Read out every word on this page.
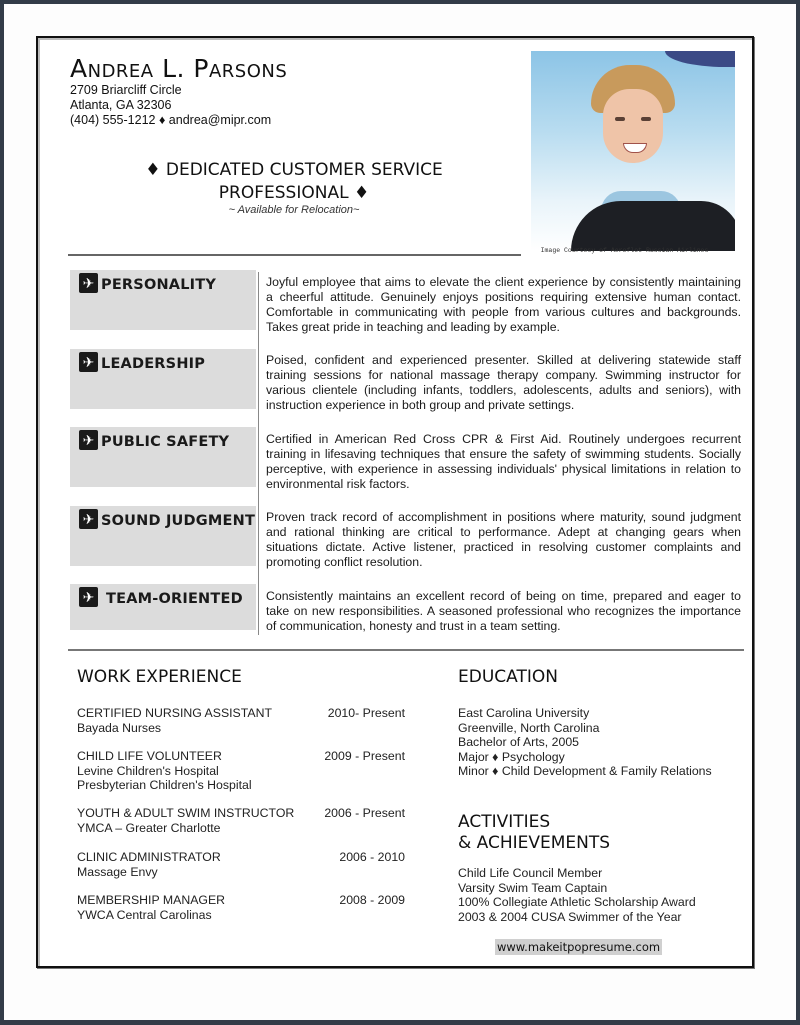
Andrea L. Parsons
2709 Briarcliff Circle
Atlanta, GA 32306
(404) 555-1212 ♦ andrea@mipr.com
♦ DEDICATED CUSTOMER SERVICE
PROFESSIONAL ♦
~ Available for Relocation~
Image Courtesy of Aeroflot Russian Airlines
✈ PERSONALITY	Joyful employee that aims to elevate the client experience by consistently maintaining a cheerful attitude. Genuinely enjoys positions requiring extensive human contact. Comfortable in communicating with people from various cultures and backgrounds. Takes great pride in teaching and leading by example.
✈ LEADERSHIP	Poised, confident and experienced presenter. Skilled at delivering statewide staff training sessions for national massage therapy company. Swimming instructor for various clientele (including infants, toddlers, adolescents, adults and seniors), with instruction experience in both group and private settings.
✈ PUBLIC SAFETY	Certified in American Red Cross CPR & First Aid. Routinely undergoes recurrent training in lifesaving techniques that ensure the safety of swimming students. Socially perceptive, with experience in assessing individuals' physical limitations in relation to environmental risk factors.
✈ SOUND JUDGMENT Proven track record of accomplishment in positions where maturity, sound judgment and rational thinking are critical to performance. Adept at changing gears when situations dictate. Active listener, practiced in resolving customer complaints and promoting conflict resolution.
✈ TEAM-ORIENTED Consistently maintains an excellent record of being on time, prepared and eager to take on new responsibilities. A seasoned professional who recognizes the importance of communication, honesty and trust in a team setting.
WORK EXPERIENCE
CERTIFIED NURSING ASSISTANT	2010- Present
Bayada Nurses
CHILD LIFE VOLUNTEER	2009 - Present
Levine Children's Hospital
Presbyterian Children's Hospital
YOUTH & ADULT SWIM INSTRUCTOR	2006 - Present
YMCA – Greater Charlotte
CLINIC ADMINISTRATOR	2006 - 2010
Massage Envy
MEMBERSHIP MANAGER	2008 - 2009
YWCA Central Carolinas
EDUCATION
East Carolina University
Greenville, North Carolina
Bachelor of Arts, 2005
Major ♦ Psychology
Minor ♦ Child Development & Family Relations
ACTIVITIES
& ACHIEVEMENTS
Child Life Council Member
Varsity Swim Team Captain
100% Collegiate Athletic Scholarship Award
2003 & 2004 CUSA Swimmer of the Year
www.makeitpopresume.com
